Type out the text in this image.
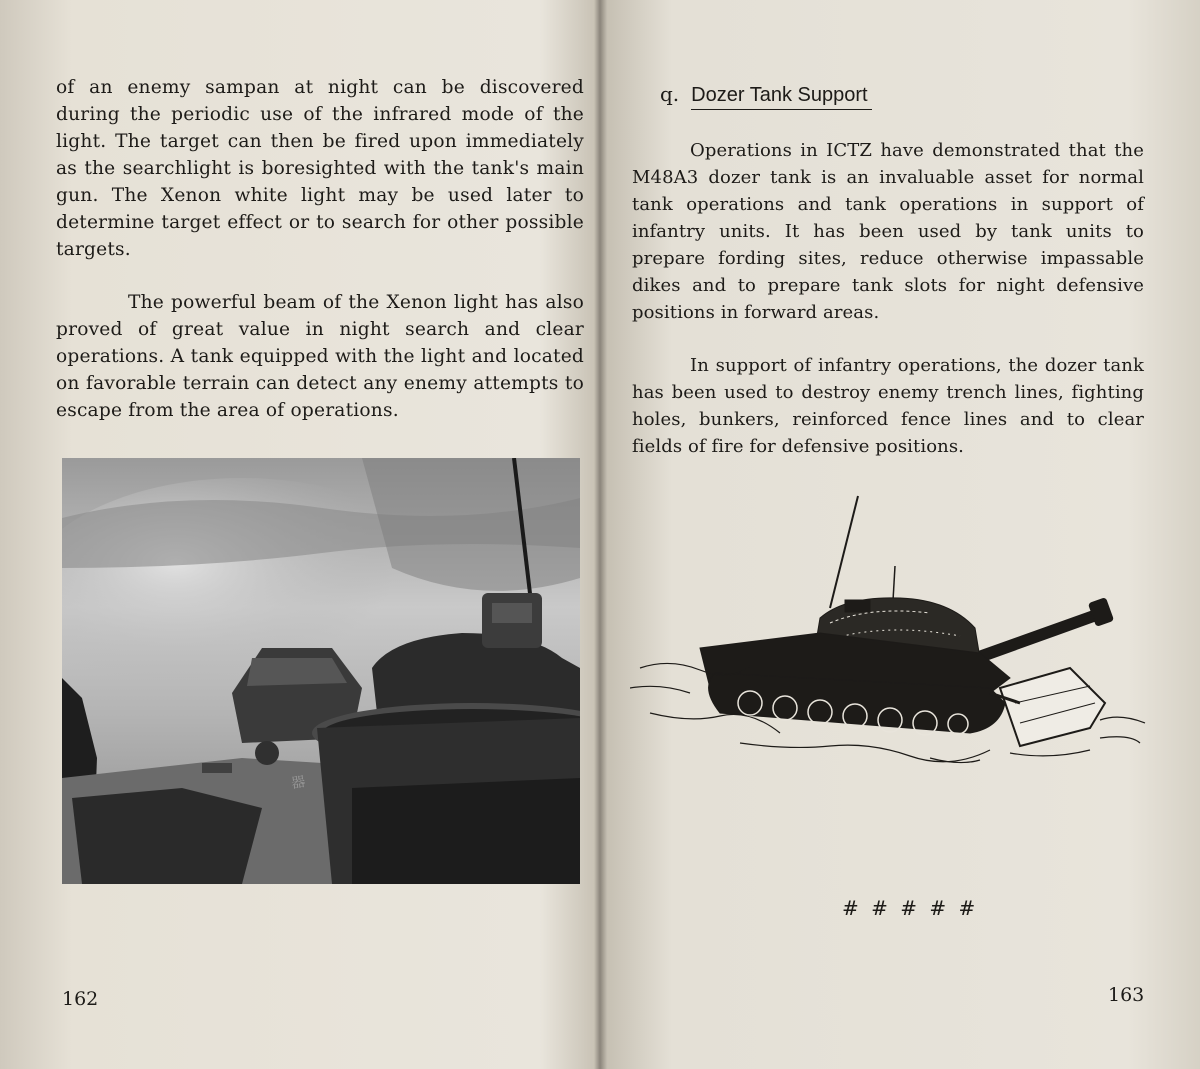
of an enemy sampan at night can be discovered during the periodic use of the infrared mode of the light. The target can then be fired upon immediately as the searchlight is boresighted with the tank's main gun. The Xenon white light may be used later to determine target effect or to search for other possible targets.

The powerful beam of the Xenon light has also proved of great value in night search and clear operations. A tank equipped with the light and located on favorable terrain can detect any enemy attempts to escape from the area of operations.

器
162
q. Dozer Tank Support

Operations in ICTZ have demonstrated that the M48A3 dozer tank is an invaluable asset for normal tank operations and tank operations in support of infantry units. It has been used by tank units to prepare fording sites, reduce otherwise impassable dikes and to prepare tank slots for night defensive positions in forward areas.

In support of infantry operations, the dozer tank has been used to destroy enemy trench lines, fighting holes, bunkers, reinforced fence lines and to clear fields of fire for defensive positions.

# # # # #
163
